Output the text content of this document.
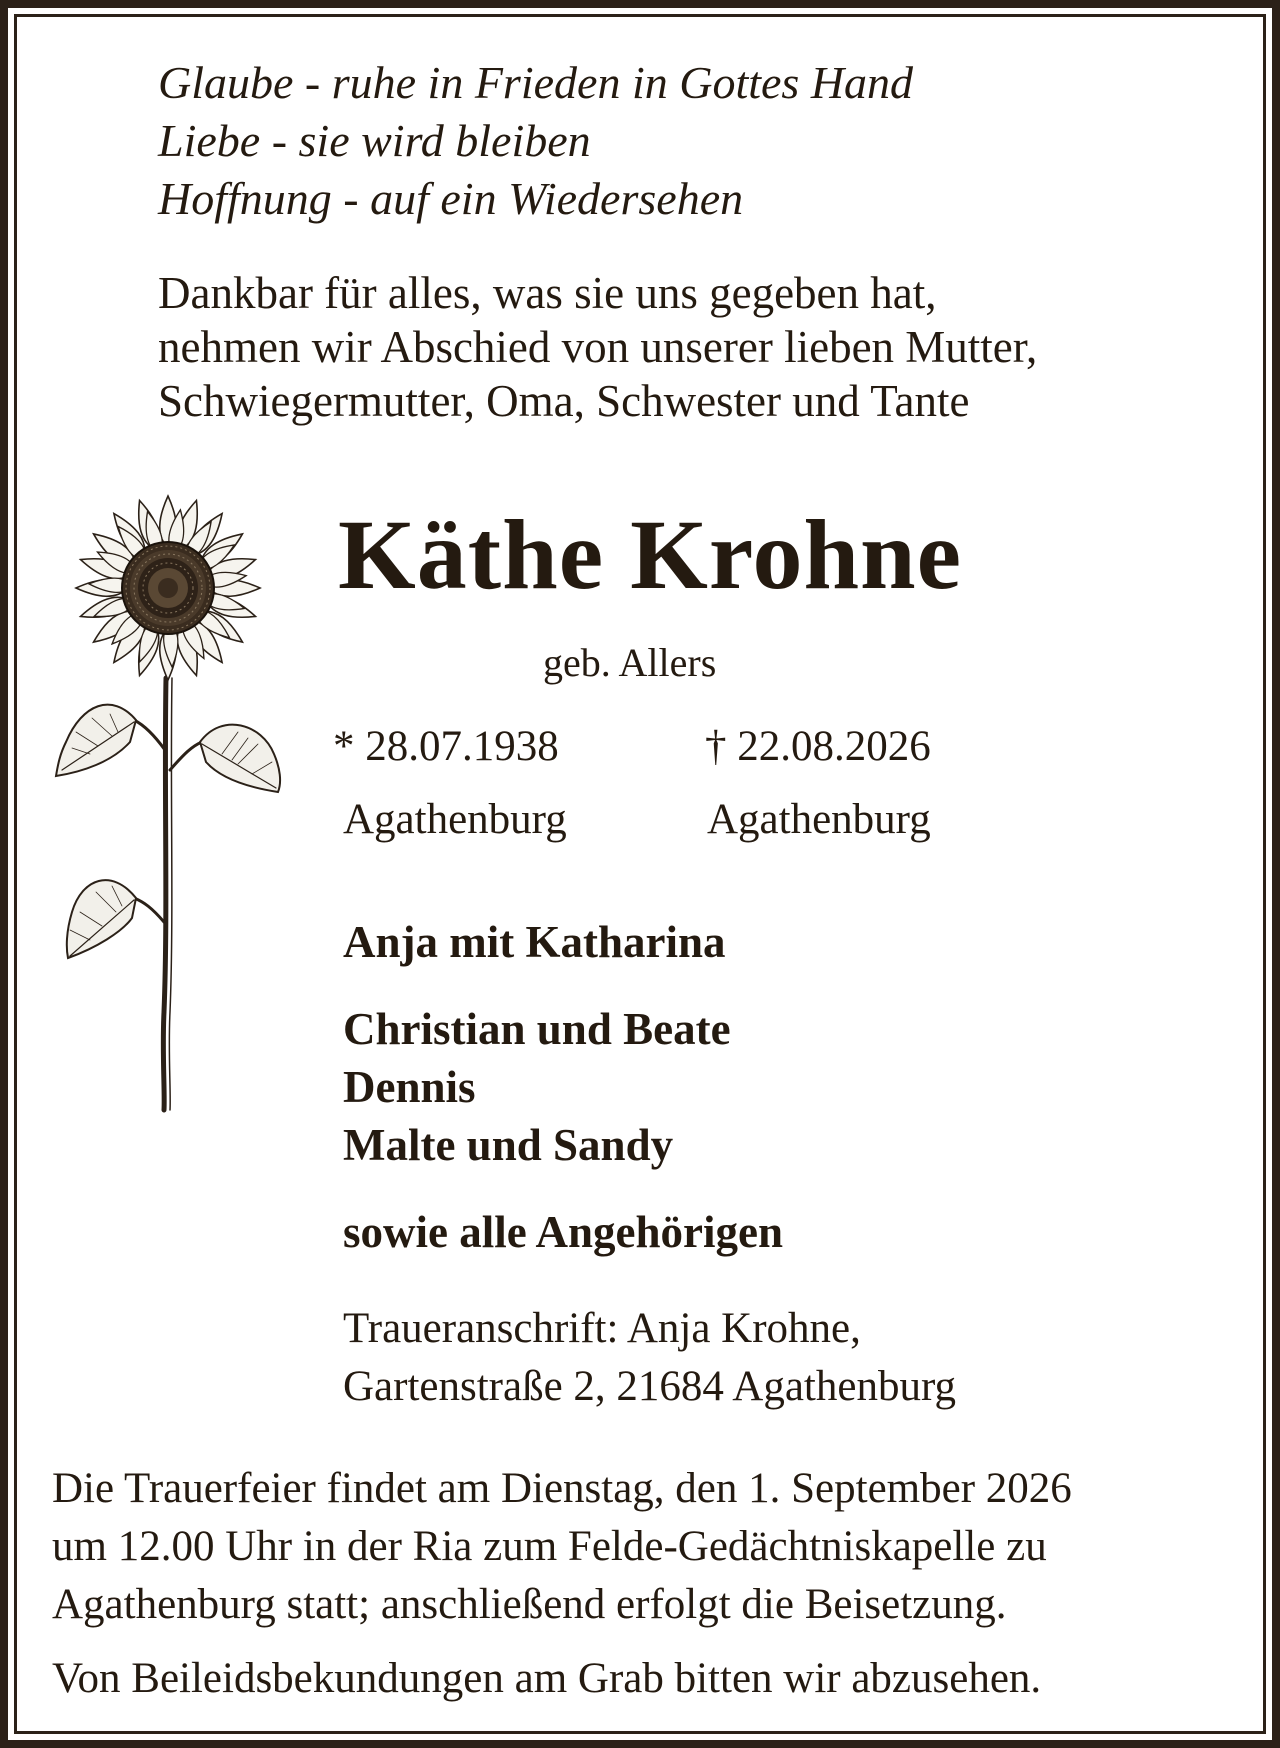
Glaube - ruhe in Frieden in Gottes Hand
Liebe - sie wird bleiben
Hoffnung - auf ein Wiedersehen
Dankbar für alles, was sie uns gegeben hat,
nehmen wir Abschied von unserer lieben Mutter,
Schwiegermutter, Oma, Schwester und Tante
Käthe Krohne
geb. Allers
* 28.07.1938	† 22.08.2026
Agathenburg	Agathenburg
Anja mit Katharina
Christian und Beate
Dennis
Malte und Sandy
sowie alle Angehörigen
Traueranschrift: Anja Krohne,
Gartenstraße 2, 21684 Agathenburg
Die Trauerfeier findet am Dienstag, den 1. September 2026
um 12.00 Uhr in der Ria zum Felde-Gedächtniskapelle zu
Agathenburg statt; anschließend erfolgt die Beisetzung.
Von Beileidsbekundungen am Grab bitten wir abzusehen.
